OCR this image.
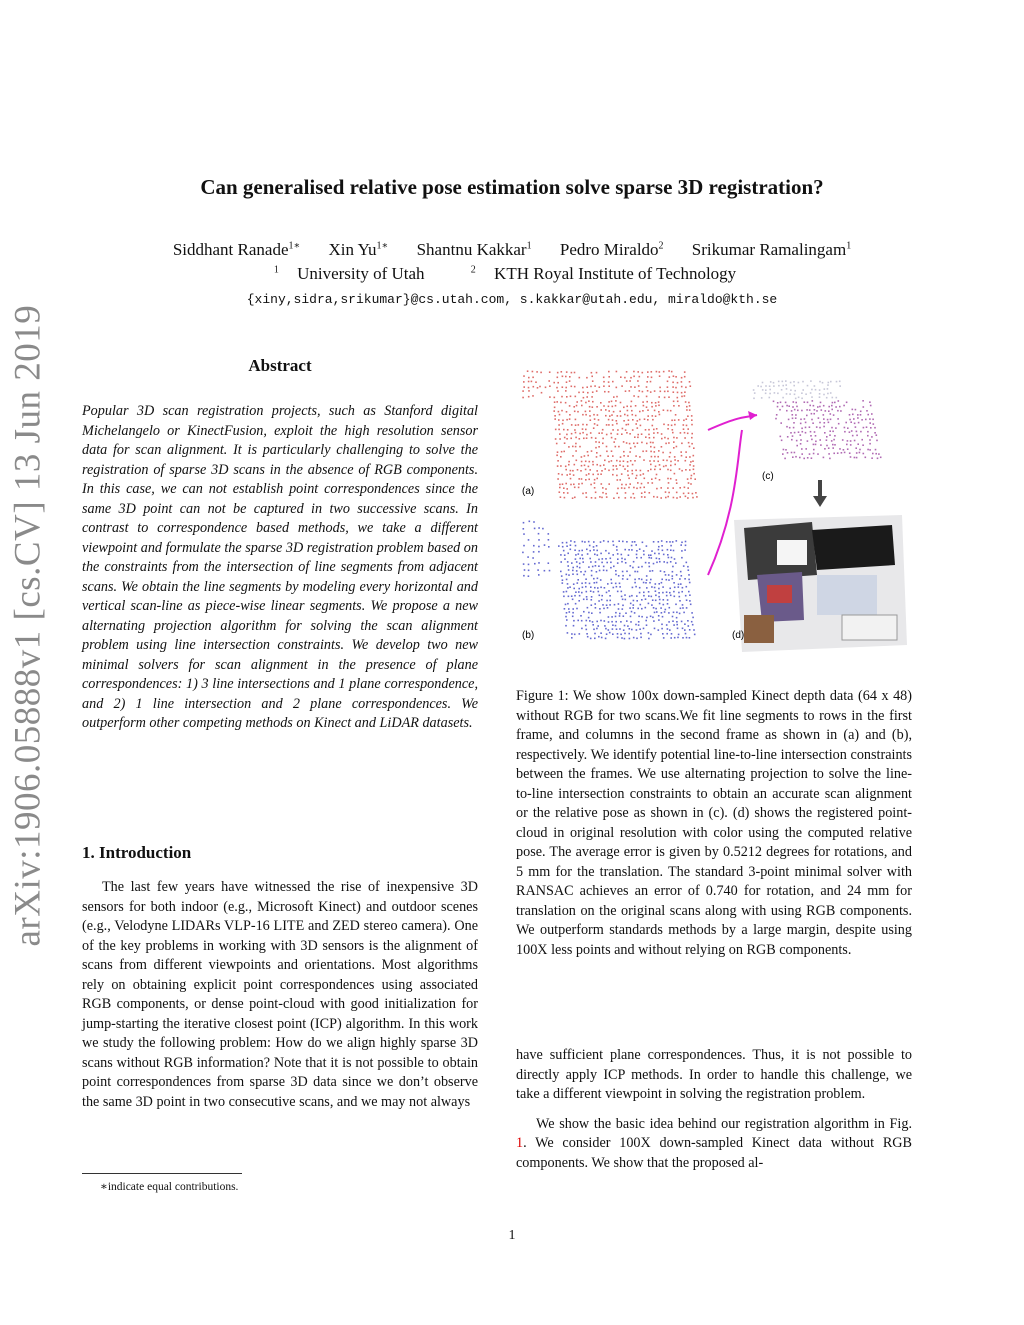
Can generalised relative pose estimation solve sparse 3D registration?
Siddhant Ranade$^{1∗}$ Xin $Yu^{1∗}$ Shantnu Kakkar$^1$ Pedro Miraldo$^2$ Srikumar Ramalingam$^1$
$^1$ University of Utah	$^2$ KTH Royal Institute of Technology
{xiny,sidra,srikumar}@cs.utah.com, s.kakkar@utah.edu, miraldo@kth.se
arXiv:1906.05888v1 [cs.CV] 13 Jun 2019	Abstract
Popular 3D scan registration projects, such as Stanford digital Michelangelo or KinectFusion, exploit the high resolution sensor data for scan alignment. It is particularly challenging to solve the registration of sparse 3D scans in the absence of RGB components. In this case, we can not establish point correspondences since the same 3D point can not be captured in two successive scans. In contrast to correspondence based methods, we take a different viewpoint and formulate the sparse 3D registration problem based on the constraints from the intersection of line segments from adjacent scans. We obtain the line segments by modeling every horizontal and vertical scan-line as piece-wise linear segments. We propose a new alternating projection algorithm for solving the scan alignment problem using line intersection constraints. We develop two new minimal solvers for scan alignment in the presence of plane correspondences: 1) 3 line intersections and 1 plane correspondence, and 2) 1 line intersection and 2 plane correspondences. We outperform other competing methods on Kinect and LiDAR datasets.
1. Introduction
The last few years have witnessed the rise of inexpensive 3D sensors for both indoor (e.g., Microsoft Kinect) and outdoor scenes (e.g., Velodyne LIDARs VLP-16 LITE and ZED stereo camera). One of the key problems in working with 3D sensors is the alignment of scans from different viewpoints and orientations. Most algorithms rely on obtaining explicit point correspondences using associated RGB components, or dense point-cloud with good initialization for jump-starting the iterative closest point (ICP) algorithm. In this work we study the following problem: How do we align highly sparse 3D scans without RGB information? Note that it is not possible to obtain point correspondences from sparse 3D data since we don’t observe the same 3D point in two consecutive scans, and we may not always
∗indicate equal contributions.
(a)
(b)
(c)
(d)
Figure 1: We show 100x down-sampled Kinect depth data (64 x 48) without RGB for two scans.We fit line segments to rows in the first frame, and columns in the second frame as shown in (a) and (b), respectively. We identify potential line-to-line intersection constraints between the frames. We use alternating projection to solve the line-to-line intersection constraints to obtain an accurate scan alignment or the relative pose as shown in (c). (d) shows the registered point-cloud in original resolution with color using the computed relative pose. The average error is given by 0.5212 degrees for rotations, and 5 mm for the translation. The standard 3-point minimal solver with RANSAC achieves an error of 0.740 for rotation, and 24 mm for translation on the original scans along with using RGB components. We outperform standards methods by a large margin, despite using 100X less points and without relying on RGB components.

have sufficient plane correspondences. Thus, it is not possible to directly apply ICP methods. In order to handle this challenge, we take a different viewpoint in solving the registration problem.

We show the basic idea behind our registration algorithm in Fig. 1. We consider 100X down-sampled Kinect data without RGB components. We show that the proposed al-

1
